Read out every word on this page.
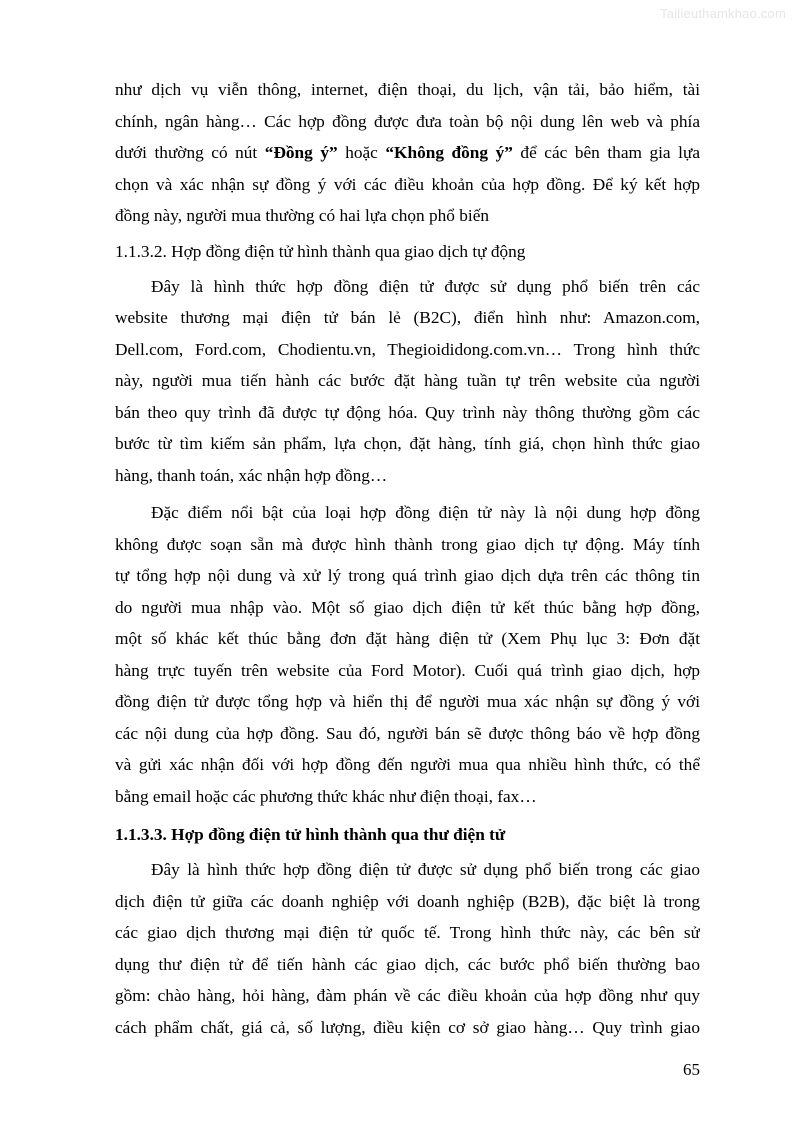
Tailieuthamkhao.com

như dịch vụ viễn thông, internet, điện thoại, du lịch, vận tải, bảo hiểm, tài

chính, ngân hàng… Các hợp đồng được đưa toàn bộ nội dung lên web và phía

dưới thường có nút “Đồng ý” hoặc “Không đồng ý” để các bên tham gia lựa

chọn và xác nhận sự đồng ý với các điều khoản của hợp đồng. Để ký kết hợp

đồng này, người mua thường có hai lựa chọn phổ biến

1.1.3.2. Hợp đồng điện tử hình thành qua giao dịch tự động

Đây là hình thức hợp đồng điện tử được sử dụng phổ biến trên các

website thương mại điện tử bán lẻ (B2C), điển hình như: Amazon.com,

Dell.com, Ford.com, Chodientu.vn, Thegioididong.com.vn… Trong hình thức

này, người mua tiến hành các bước đặt hàng tuần tự trên website của người

bán theo quy trình đã được tự động hóa. Quy trình này thông thường gồm các

bước từ tìm kiếm sản phẩm, lựa chọn, đặt hàng, tính giá, chọn hình thức giao

hàng, thanh toán, xác nhận hợp đồng…

Đặc điểm nổi bật của loại hợp đồng điện tử này là nội dung hợp đồng

không được soạn sẵn mà được hình thành trong giao dịch tự động. Máy tính

tự tổng hợp nội dung và xử lý trong quá trình giao dịch dựa trên các thông tin

do người mua nhập vào. Một số giao dịch điện tử kết thúc bằng hợp đồng,

một số khác kết thúc bằng đơn đặt hàng điện tử (Xem Phụ lục 3: Đơn đặt

hàng trực tuyến trên website của Ford Motor). Cuối quá trình giao dịch, hợp

đồng điện tử được tổng hợp và hiển thị để người mua xác nhận sự đồng ý với

các nội dung của hợp đồng. Sau đó, người bán sẽ được thông báo về hợp đồng

và gửi xác nhận đối với hợp đồng đến người mua qua nhiều hình thức, có thể

bằng email hoặc các phương thức khác như điện thoại, fax…

1.1.3.3. Hợp đồng điện tử hình thành qua thư điện tử

Đây là hình thức hợp đồng điện tử được sử dụng phổ biến trong các giao

dịch điện tử giữa các doanh nghiệp với doanh nghiệp (B2B), đặc biệt là trong

các giao dịch thương mại điện tử quốc tế. Trong hình thức này, các bên sử

dụng thư điện tử để tiến hành các giao dịch, các bước phổ biến thường bao

gồm: chào hàng, hỏi hàng, đàm phán về các điều khoản của hợp đồng như quy

cách phẩm chất, giá cả, số lượng, điều kiện cơ sở giao hàng… Quy trình giao

65
